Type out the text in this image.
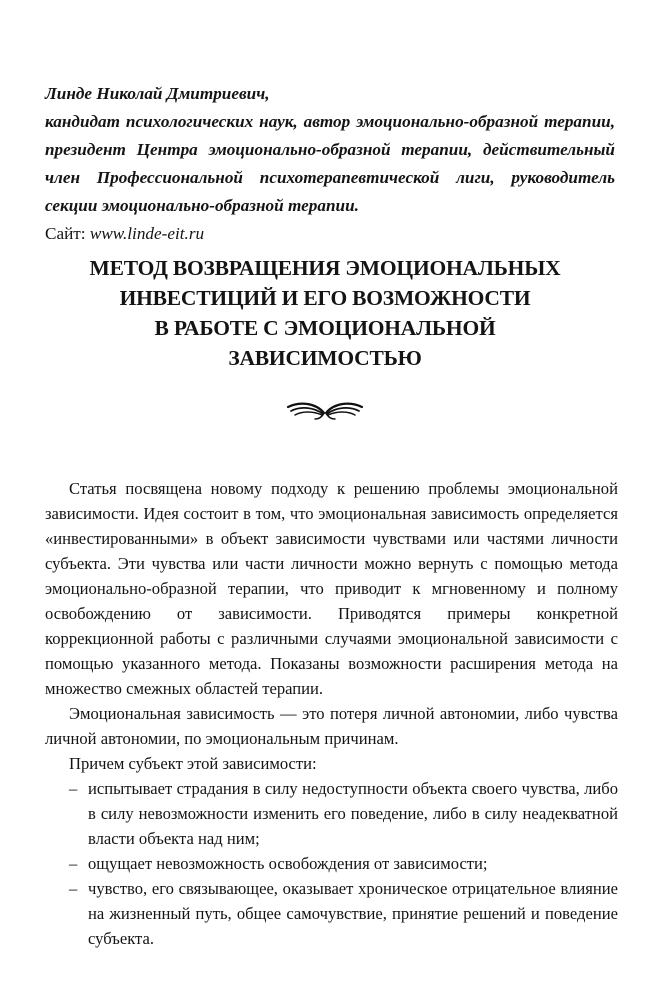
Линде Николай Дмитриевич,
кандидат психологических наук, автор эмоционально-образной терапии, президент Центра эмоционально-образной терапии, действительный член Профессиональной психотерапевтической лиги, руководитель секции эмоционально-образной терапии.
Сайт: www.linde-eit.ru
МЕТОД ВОЗВРАЩЕНИЯ ЭМОЦИОНАЛЬНЫХ
ИНВЕСТИЦИЙ И ЕГО ВОЗМОЖНОСТИ
В РАБОТЕ С ЭМОЦИОНАЛЬНОЙ
ЗАВИСИМОСТЬЮ

Статья посвящена новому подходу к решению проблемы эмоциональной зависимости. Идея состоит в том, что эмоциональная зависимость определяется «инвестированными» в объект зависимости чувствами или частями личности субъекта. Эти чувства или части личности можно вернуть с помощью метода эмоционально-образной терапии, что приводит к мгновенному и полному освобождению от зависимости. Приводятся примеры конкретной коррекционной работы с различными случаями эмоциональной зависимости с помощью указанного метода. Показаны возможности расширения метода на множество смежных областей терапии.

Эмоциональная зависимость — это потеря личной автономии, либо чувства личной автономии, по эмоциональным причинам.

Причем субъект этой зависимости:

– испытывает страдания в силу недоступности объекта своего чувства, либо в силу невозможности изменить его поведение, либо в силу неадекватной власти объекта над ним;
– ощущает невозможность освобождения от зависимости;
– чувство, его связывающее, оказывает хроническое отрицательное влияние на жизненный путь, общее самочувствие, принятие решений и поведение субъекта.
